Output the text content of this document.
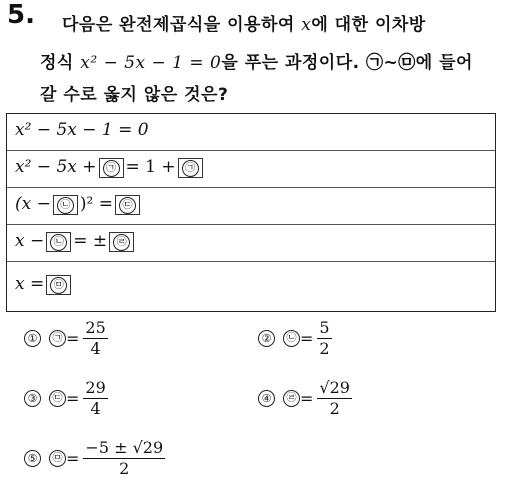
5. 다음은 완전제곱식을 이용하여 x에 대한 이차방
정식 x² − 5x − 1 = 0을 푸는 과정이다. ㉠~㉤에 들어
갈 수로 옳지 않은 것은?
x² − 5x − 1 = 0
x² − 5x + ㉠ = 1 + ㉠
(x − ㉡ )² = ㉢
x − ㉡ = ± ㉣
x = ㉤
① ㉠ = $\frac{25}{4}$	② ㉡ = $\frac{5}{2}$
③ ㉢ = $\frac{29}{4}$	④ ㉣ = $\frac{√29}{2}$
⑤ ㉤ = $\frac{-5 \pm √29}{2}$
